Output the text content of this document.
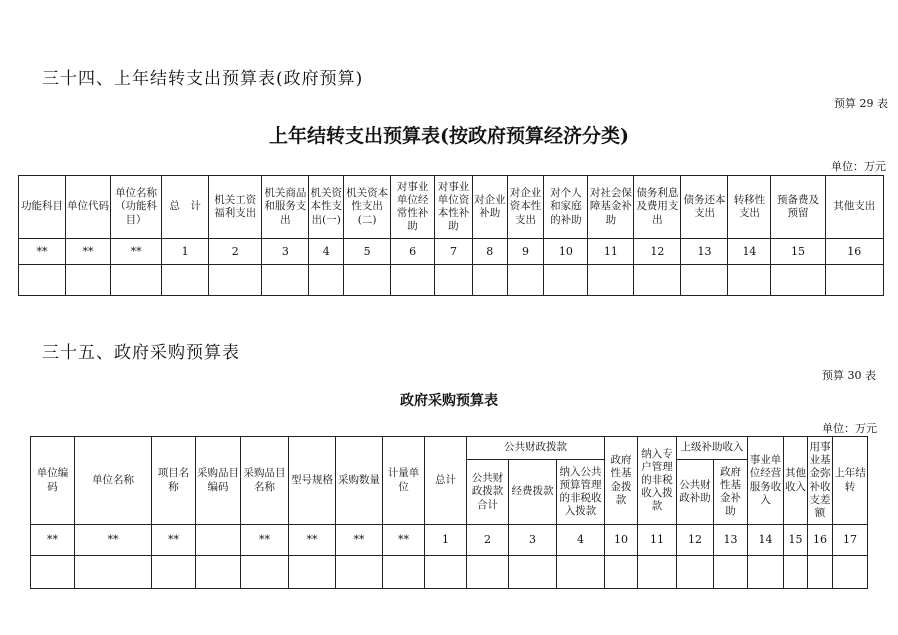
三十四、上年结转支出预算表(政府预算)
预算 29 表
上年结转支出预算表(按政府预算经济分类)
单位：万元
功能科目	单位代码	单位名称（功能科目）	总　计	机关工资福利支出	机关商品和服务支出	机关资本性支出(一)	机关资本性支出(二)	对事业单位经常性补助	对事业单位资本性补助	对企业补助	对企业资本性支出	对个人和家庭的补助	对社会保障基金补助	债务利息及费用支出	债务还本支出	转移性支出	预备费及预留	其他支出
**	**	**	1	2	3	4	5	6	7	8	9	10	11	12	13	14	15	16

三十五、政府采购预算表
预算 30 表
政府采购预算表
单位：万元
单位编码	单位名称	项目名称	采购品目编码	采购品目名称	型号规格	采购数量	计量单位	总计	公共财政拨款			政府性基金拨款	纳入专户管理的非税收入拨款	上级补助收入		事业单位经营服务收入	其他收入	用事业基金弥补收支差额	上年结转
									公共财政拨款合计	经费拨款	纳入公共预算管理的非税收入拨款			公共财政补助	政府性基金补助				
**	**	**		**	**	**	**	1	2	3	4	10	11	12	13	14	15	16	17
